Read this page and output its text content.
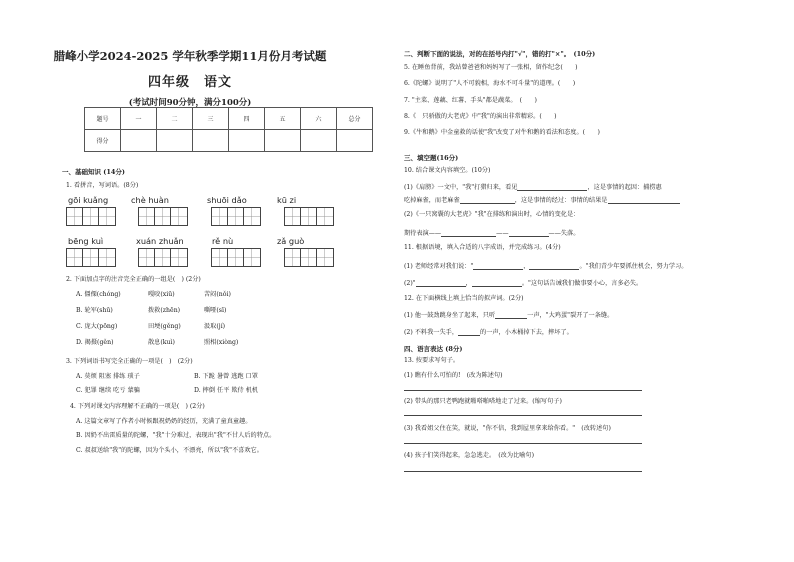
腊峰小学2024-2025 学年秋季学期11月份月考试题
四年级　语文
(考试时间90分钟，满分100分)
题号	一	二	三	四	五	六	总分
得分							
一、基础知识 (14分)
1. 看拼音，写词语。(8分)
gōi kuǎng	chè huàn	shuōi dǎo	kū zi
bēng kuì	xuán zhuǎn	rě nù	zǎ guò
2. 下面加点字的注音完全正确的一组是(　) (2分)
A. 僵傈(chóng)	嘎咬(xiū)	苦闷(nǒi)
B. 轮军(shū)	拨救(zhēn)	嘶哑(sī)
C. 庞大(pōng)	田埂(gěng)	汲取(jí)
D. 揭摄(gěn)	散息(kuì)	照相(xiòng)
3. 下列词语书写完全正确的一项是(　)　(2分)
A. 莫烦 阻塞 排练 琐子	B. 下跪 暑曾 逃跑 口罩
C. 犯罪 继续 吃亏 蒙骗	D. 摔倒 任平 欺侍 机机
4. 下列对课文内容理解不正确的一项是(　) (2分)
A. 这篇文章写了作者小时候跟祝奶奶的经历，充满了童真童趣。
B. 因奶不出雷质量的陀螺，"我"十分难过，表现出"我"不甘人后的特点。
C. 叔叔送给"我"的陀螺，因为个头小，不漂亮，所以"我"不喜欢它。
二、判断下面的说法，对的在括号内打"√"，错的打"×"。　(10分)
5. 在睡鱼背前，我站曾爸爸和妈妈写了一张相，留作纪念(　　)
6.《陀螺》说明了"人不可貌相，海水不可斗量"的道理。(　　)
7. "主菜、莲藕、红薯、手头"都是蔬菜。　(　　)
8.《　只骄傲的大老虎》中"我"的演出非常精彩。(　　)
9.《牛和鹅》中金童救的话使"我"改变了对牛和鹅的看法和态度。(　　)
三、填空题(16分)
10. 结合课文内容填空。(10分)
(1)《肩膀》一文中，"我"打猎归来，看见	，这是事情的起因：捕捞惠
吃掉麻雀，而老麻雀	，这是事情的经过：事情的结果是
(2)《一只窝囊的大老虎》"我"在排练和演出时，心情的变化是：
期待表演——	——	——失落。
11. 根据语境，填入合适的八字成语，并完成练习。(4分)
(1) 老师经常对我们说："	，	。"我们青少年要抓住机会，努力学习。
(2)"	，	。"这句话告诫我们做事要小心，言多必失。
12. 在下面横线上填上恰当的拟声词。(2分)
(1) 他一鼓劲跳身坐了起来，只听	一声，"大鸡蛋"裂开了一条缝。
(2) 不料我一失手，	的一声，小木桶掉下去，摔坏了。
四、语言表达 (8分)
13. 按要求写句子。
(1) 瞧有什么可怕的!　(改为陈述句)
(2) 带头的那只老鸭跑就啪嗒啪嗒地走了过来。(缩写句子)
(3) 我看姐父住在笑，就说，"你不信，我到屋里拿来给你看。"　(改转述句)
(4) 孩子们笑得起来，急急逃走。　(改为比喻句)
